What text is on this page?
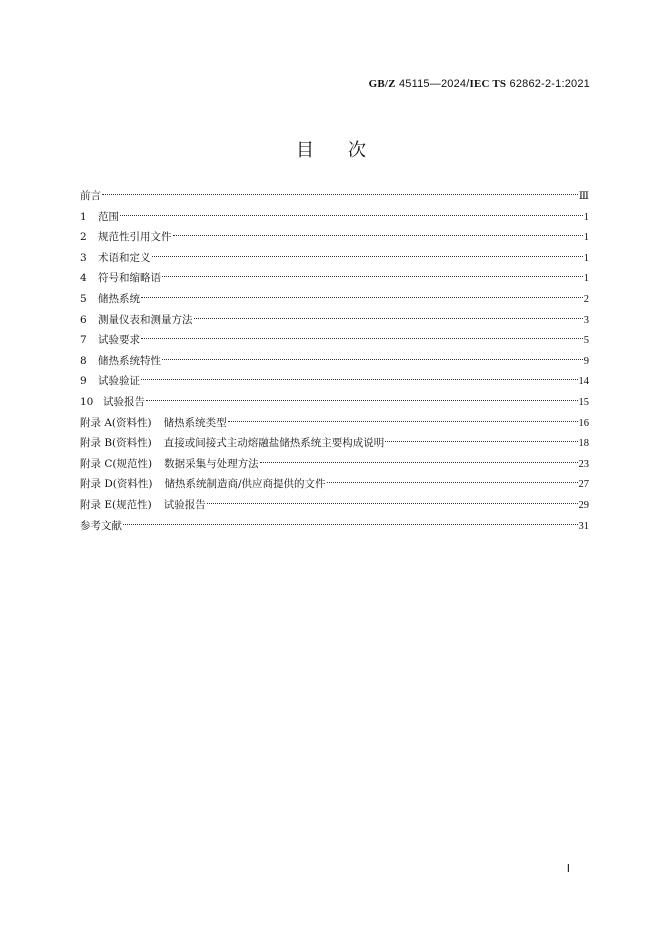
GB/Z 45115—2024/IEC TS 62862-2-1:2021
目次
前言	Ⅲ
1	范围	1
2	规范性引用文件	1
3	术语和定义	1
4	符号和缩略语	1
5	储热系统	2
6	测量仪表和测量方法	3
7	试验要求	5
8	储热系统特性	9
9	试验验证	14
10 试验报告	15
附录 A(资料性) 储热系统类型	16
附录 B(资料性) 直接或间接式主动熔融盐储热系统主要构成说明	18
附录 C(规范性) 数据采集与处理方法	23
附录 D(资料性) 储热系统制造商/供应商提供的文件	27
附录 E(规范性) 试验报告	29
参考文献	31
Ⅰ
